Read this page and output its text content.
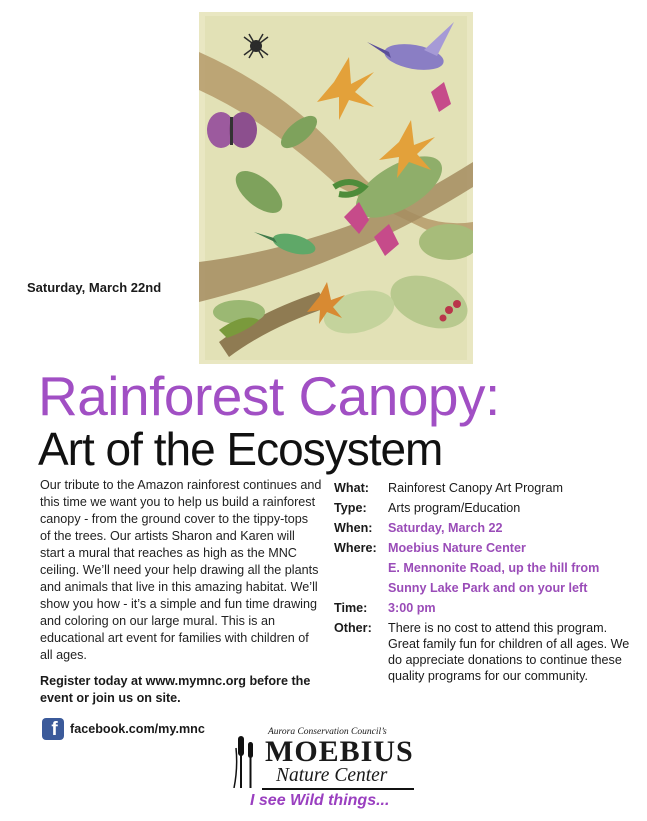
Saturday, March 22nd
Rainforest Canopy:
Art of the Ecosystem
Our tribute to the Amazon rainforest continues and this time we want you to help us build a rainforest canopy - from the ground cover to the tippy-tops of the trees. Our artists Sharon and Karen will start a mural that reaches as high as the MNC ceiling. We’ll need your help drawing all the plants and animals that live in this amazing habitat. We’ll show you how - it’s a simple and fun time drawing and coloring on our large mural. This is an educational art event for families with children of all ages.
Register today at www.mymnc.org before the event or join us on site.
f facebook.com/my.mnc
What:	Rainforest Canopy Art Program
Type:	Arts program/Education
When:	Saturday, March 22
Where: Moebius Nature Center
E. Mennonite Road, up the hill from Sunny Lake Park and on your left
Time:	3:00 pm
Other:	There is no cost to attend this program. Great family fun for children of all ages. We do appreciate donations to continue these quality programs for our community.
Aurora Conservation Council’s
MOEBIUS
Nature Center
I see Wild things...
